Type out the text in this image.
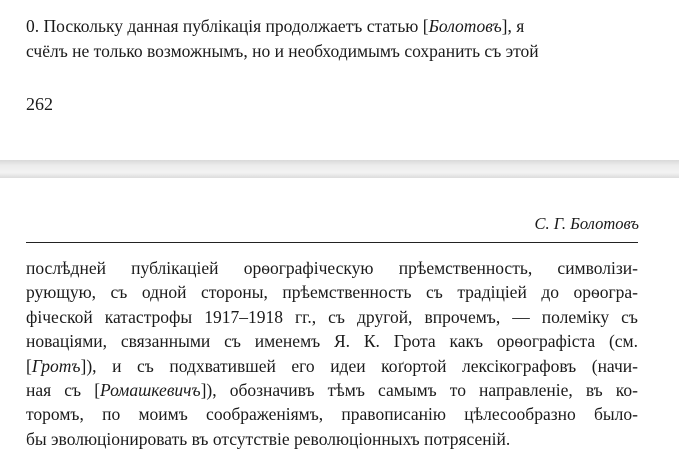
0. Поскольку данная публікація продолжаетъ статью [Болотовъ], я
счёлъ не только возможнымъ, но и необходимымъ сохранить съ этой
262
С. Г. Болотовъ
послѣдней публікаціей орѳографіческую прѣемственность, символізи-
рующую, съ одной стороны, прѣемственность съ традіціей до орѳогра-
фіческой катастрофы 1917–1918 гг., съ другой, впрочемъ, — полеміку съ
новаціями, связанными съ именемъ Я. К. Грота какъ орѳографіста (см.
[Гротъ]), и съ подхватившей его идеи коґортой лексікографовъ (начи-
ная съ [Ромашкевичъ]), обозначивъ тѣмъ самымъ то направленіе, въ ко-
торомъ, по моимъ соображеніямъ, правописанію цѣлесообразно было-
бы эволюціонировать въ отсутствіе революціонныхъ потрясеній.
